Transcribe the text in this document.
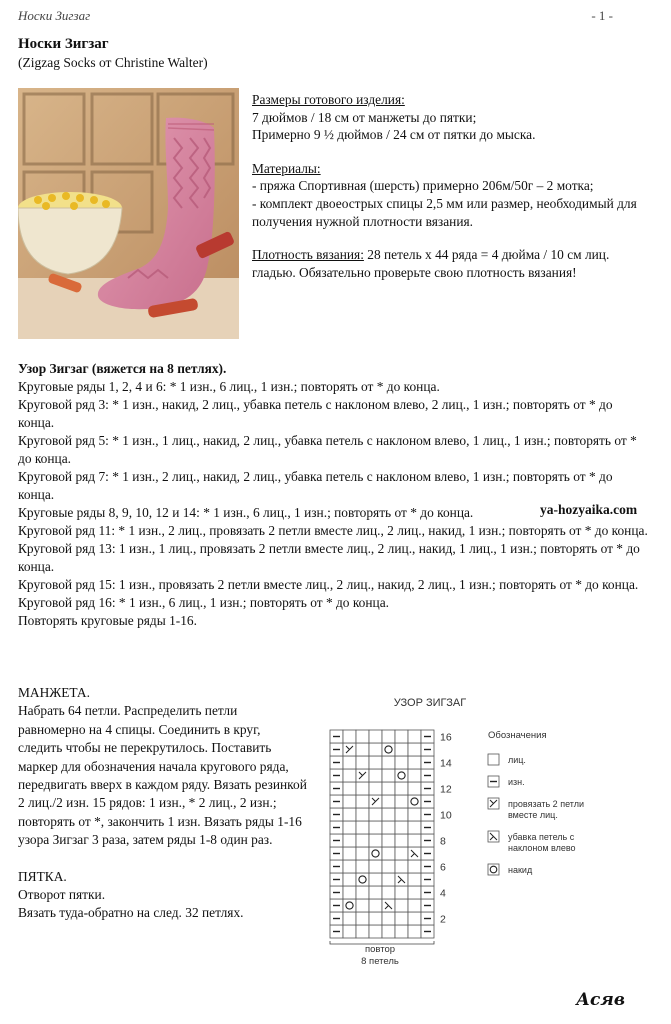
Носки Зигзаг	- 1 -
Носки Зигзаг
(Zigzag Socks от Christine Walter)

Размеры готового изделия:
7 дюймов / 18 см от манжеты до пятки;
Примерно 9 ½ дюймов / 24 см от пятки до мыска.

Материалы:
- пряжа Спортивная (шерсть) примерно 206м/50г – 2 мотка;
- комплект двоеострых спицы 2,5 мм или размер, необходимый для получения нужной плотности вязания.

Плотность вязания: 28 петель х 44 ряда = 4 дюйма / 10 см лиц. гладью. Обязательно проверьте свою плотность вязания!

Узор Зигзаг (вяжется на 8 петлях).
Круговые ряды 1, 2, 4 и 6: * 1 изн., 6 лиц., 1 изн.; повторять от * до конца.
Круговой ряд 3: * 1 изн., накид, 2 лиц., убавка петель с наклоном влево, 2 лиц., 1 изн.; повторять от * до конца.
Круговой ряд 5: * 1 изн., 1 лиц., накид, 2 лиц., убавка петель с наклоном влево, 1 лиц., 1 изн.; повторять от * до конца.
Круговой ряд 7: * 1 изн., 2 лиц., накид, 2 лиц., убавка петель с наклоном влево, 1 изн.; повторять от * до конца.
Круговые ряды 8, 9, 10, 12 и 14: * 1 изн., 6 лиц., 1 изн.; повторять от * до конца.
Круговой ряд 11: * 1 изн., 2 лиц., провязать 2 петли вместе лиц., 2 лиц., накид, 1 изн.; повторять от * до конца.
Круговой ряд 13: 1 изн., 1 лиц., провязать 2 петли вместе лиц., 2 лиц., накид, 1 лиц., 1 изн.; повторять от * до конца.
Круговой ряд 15: 1 изн., провязать 2 петли вместе лиц., 2 лиц., накид, 2 лиц., 1 изн.; повторять от * до конца.
Круговой ряд 16: * 1 изн., 6 лиц., 1 изн.; повторять от * до конца.
Повторять круговые ряды 1-16.
ya-hozyaika.com
МАНЖЕТА.
Набрать 64 петли. Распределить петли равномерно на 4 спицы. Соединить в круг, следить чтобы не перекрутилось. Поставить маркер для обозначения начала кругового ряда, передвигать вверх в каждом ряду. Вязать резинкой 2 лиц./2 изн. 15 рядов: 1 изн., * 2 лиц., 2 изн.; повторять от *, закончить 1 изн. Вязать ряды 1-16 узора Зигзаг 3 раза, затем ряды 1-8 один раз.
ПЯТКА.
Отворот пятки.
Вязать туда-обратно на след. 32 петлях.
УЗОР ЗИГЗАГ
2
4
6
8
10
12
14
16
повтор
8 петель
Обозначения
лиц.
изн.
провязать 2 петли вместе лиц.
убавка петель с наклоном влево
накид
Асяв
